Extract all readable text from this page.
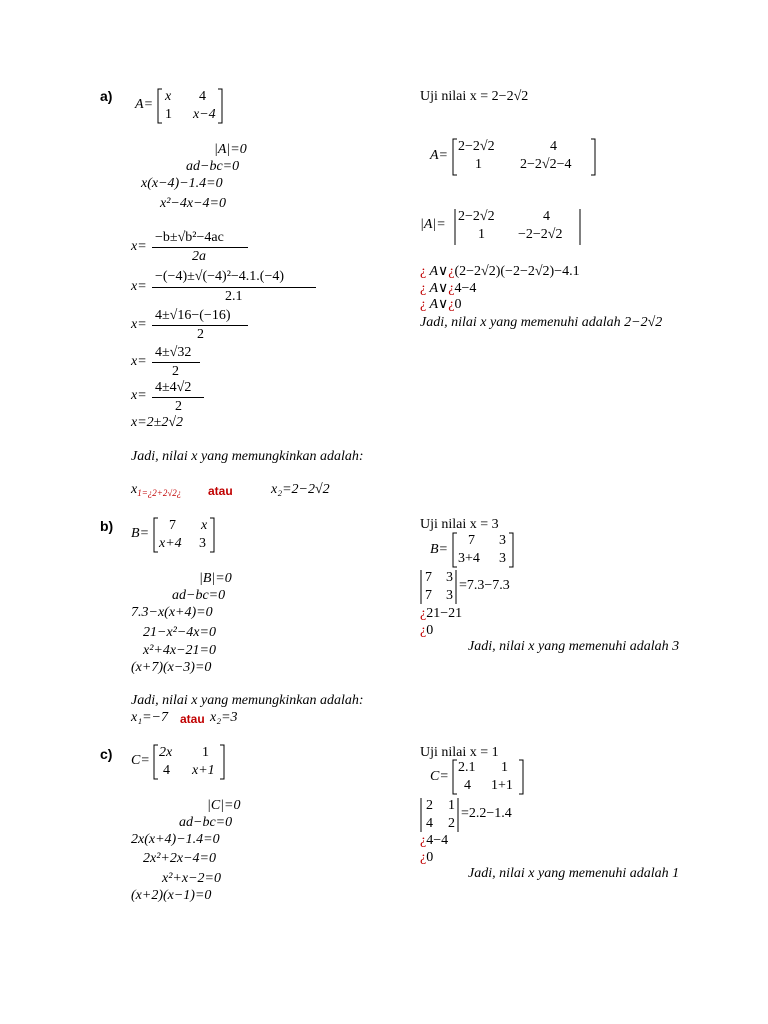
a)
A=
x 4
1 x−4
|A|=0
ad−bc=0
x(x−4)−1.4=0
x²−4x−4=0
x=
−b±√b²−4ac
2a
x=
−(−4)±√(−4)²−4.1.(−4)
2.1
x=
4±√16−(−16)
2
x=
4±√32
2
x=
4±4√2
2
x=2±2√2
Jadi, nilai x yang memungkinkan adalah:
$x_{1=¿2+2√2¿}$ atau	x₂=2−2√2
Uji nilai x = 2−2√2
A=
2−2√2	4
1	2−2√2−4
|A|=
2−2√2	4
1 −2−2√2
¿ A∨¿(2−2√2)(−2−2√2)−4.1
¿ A∨¿4−4
¿ A∨¿0
Jadi, nilai x yang memenuhi adalah 2−2√2
b) B=
7 x
x+4 3
|B|=0
ad−bc=0
7.3−x(x+4)=0
21−x²−4x=0
x²+4x−21=0
(x+7)(x−3)=0
Jadi, nilai x yang memungkinkan adalah:
x₁=−7 atau x₂=3
Uji nilai x = 3
B=
7 3
3+4 3
7 3
7 3
=7.3−7.3
¿21−21
¿0
Jadi, nilai x yang memenuhi adalah 3
c) C=
2x 1
4 x+1
|C|=0
ad−bc=0
2x(x+4)−1.4=0
2x²+2x−4=0
x²+x−2=0
(x+2)(x−1)=0
Uji nilai x = 1
C=
2.1 1
4 1+1
2 1
4 2
=2.2−1.4
¿4−4
¿0
Jadi, nilai x yang memenuhi adalah 1
